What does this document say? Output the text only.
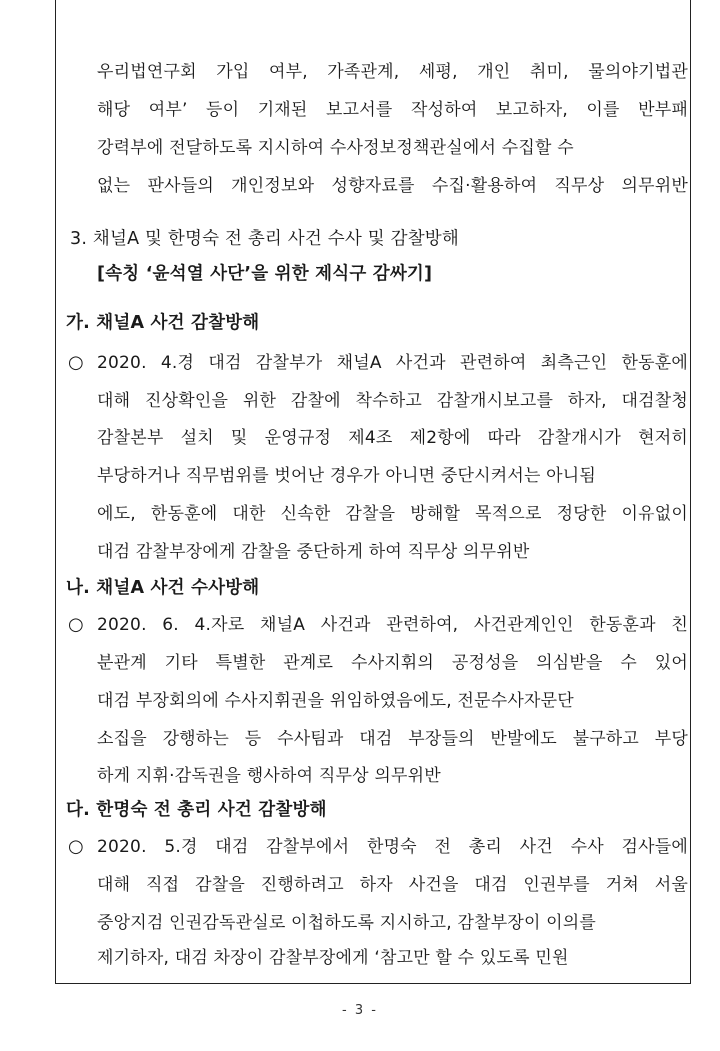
우리법연구회 가입 여부, 가족관계, 세평, 개인 취미, 물의야기법관
해당 여부’ 등이 기재된 보고서를 작성하여 보고하자, 이를 반부패
강력부에 전달하도록 지시하여 수사정보정책관실에서 수집할 수
없는 판사들의 개인정보와 성향자료를 수집·활용하여 직무상 의무위반
3. 채널A 및 한명숙 전 총리 사건 수사 및 감찰방해
[속칭 ‘윤석열 사단’을 위한 제식구 감싸기]
가. 채널A 사건 감찰방해
○ 2020. 4.경 대검 감찰부가 채널A 사건과 관련하여 최측근인 한동훈에
대해 진상확인을 위한 감찰에 착수하고 감찰개시보고를 하자, 대검찰청
감찰본부 설치 및 운영규정 제4조 제2항에 따라 감찰개시가 현저히
부당하거나 직무범위를 벗어난 경우가 아니면 중단시켜서는 아니됨
에도, 한동훈에 대한 신속한 감찰을 방해할 목적으로 정당한 이유없이
대검 감찰부장에게 감찰을 중단하게 하여 직무상 의무위반
나. 채널A 사건 수사방해
○ 2020. 6. 4.자로 채널A 사건과 관련하여, 사건관계인인 한동훈과 친
분관계 기타 특별한 관계로 수사지휘의 공정성을 의심받을 수 있어
대검 부장회의에 수사지휘권을 위임하였음에도, 전문수사자문단
소집을 강행하는 등 수사팀과 대검 부장들의 반발에도 불구하고 부당
하게 지휘·감독권을 행사하여 직무상 의무위반
다. 한명숙 전 총리 사건 감찰방해
○ 2020. 5.경 대검 감찰부에서 한명숙 전 총리 사건 수사 검사들에
대해 직접 감찰을 진행하려고 하자 사건을 대검 인권부를 거쳐 서울
중앙지검 인권감독관실로 이첩하도록 지시하고, 감찰부장이 이의를
제기하자, 대검 차장이 감찰부장에게 ‘참고만 할 수 있도록 민원
- 3 -
